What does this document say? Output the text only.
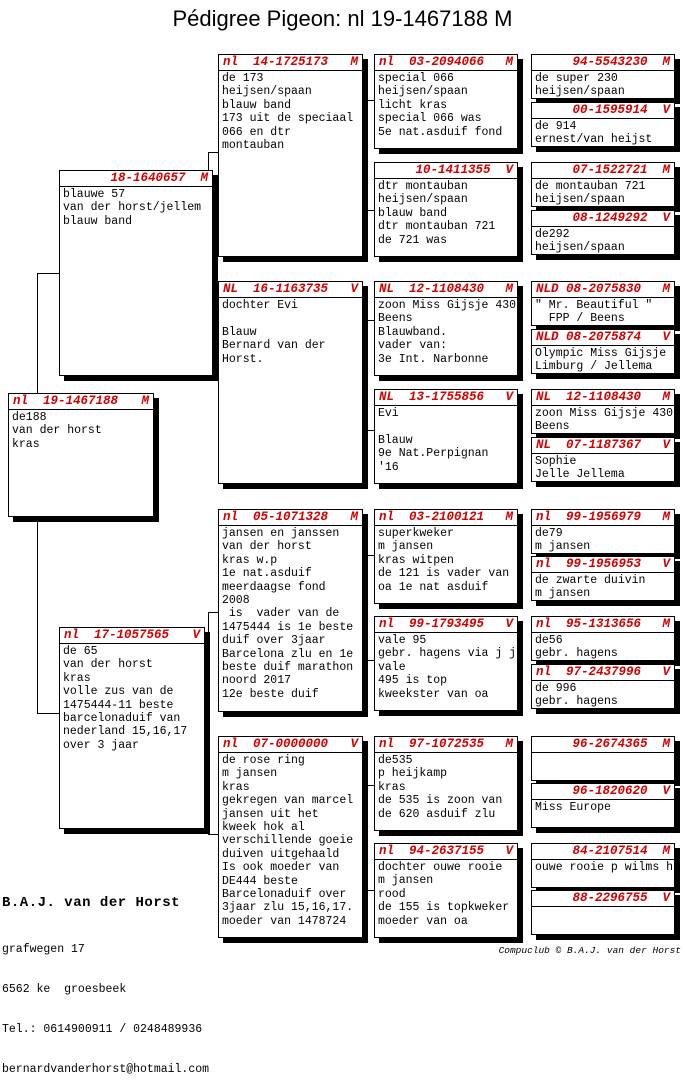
Pédigree Pigeon: nl 19-1467188 M
nl  19-1467188 M
de188
van der horst
kras
18-1640657
M
blauwe 57
van der horst/jellem
blauw band
nl  17-1057565 V
de 65
van der horst
kras
volle zus van de
1475444-11 beste
barcelonaduif van
nederland 15,16,17
over 3 jaar
nl  14-1725173 M
de 173
heijsen/spaan
blauw band
173 uit de speciaal
066 en dtr
montauban
NL  16-1163735 V
dochter Evi

Blauw
Bernard van der
Horst.
nl  05-1071328 M
jansen en janssen
van der horst
kras w.p
1e nat.asduif
meerdaagse fond
2008
is  vader van de
1475444 is 1e beste
duif over 3jaar
Barcelona zlu en 1e
beste duif marathon
noord 2017
12e beste duif
nl  07-0000000 V
de rose ring
m jansen
kras
gekregen van marcel
jansen uit het
kweek hok al
verschillende goeie
duiven uitgehaald
Is ook moeder van
DE444 beste
Barcelonaduif over
3jaar zlu 15,16,17.
moeder van 1478724
nl  03-2094066 M
special 066
heijsen/spaan
licht kras
special 066 was
5e nat.asduif fond
10-1411355
V
dtr montauban
heijsen/spaan
blauw band
dtr montauban 721
de 721 was
NL  12-1108430 M
zoon Miss Gijsje 430
Beens
Blauwband.
vader van:
3e Int. Narbonne
NL  13-1755856 V
Evi

Blauw
9e Nat.Perpignan
'16
nl  03-2100121 M
superkweker
m jansen
kras witpen
de 121 is vader van
oa 1e nat asduif
nl  99-1793495 V
vale 95
gebr. hagens via j j
vale
495 is top
kweekster van oa
nl  97-1072535 M
de535
p heijkamp
kras
de 535 is zoon van
de 620 asduif zlu
nl  94-2637155 V
dochter ouwe rooie
m jansen
rood
de 155 is topkweker
moeder van oa
94-5543230
M
de super 230
heijsen/spaan
00-1595914
V
de 914
ernest/van heijst
07-1522721
M
de montauban 721
heijsen/spaan
08-1249292
V
de292
heijsen/spaan
NLD 08-2075830 M
" Mr. Beautiful "
FPP / Beens
NLD 08-2075874 V
Olympic Miss Gijsje
Limburg / Jellema
NL  12-1108430 M
zoon Miss Gijsje 430
Beens
NL  07-1187367 V
Sophie
Jelle Jellema
nl  99-1956979 M
de79
m jansen
nl  99-1956953 V
de zwarte duivin
m jansen
nl  95-1313656 M
de56
gebr. hagens
nl  97-2437996 V
de 996
gebr. hagens
96-2674365
M
96-1820620
V
Miss Europe
84-2107514
M
ouwe rooie p wilms h
88-2296755
V

B.A.J. van der Horst

grafwegen 17

6562 ke  groesbeek

Tel.: 0614900911 / 0248489936

bernardvanderhorst@hotmail.com

Compuclub © B.A.J. van der Horst
